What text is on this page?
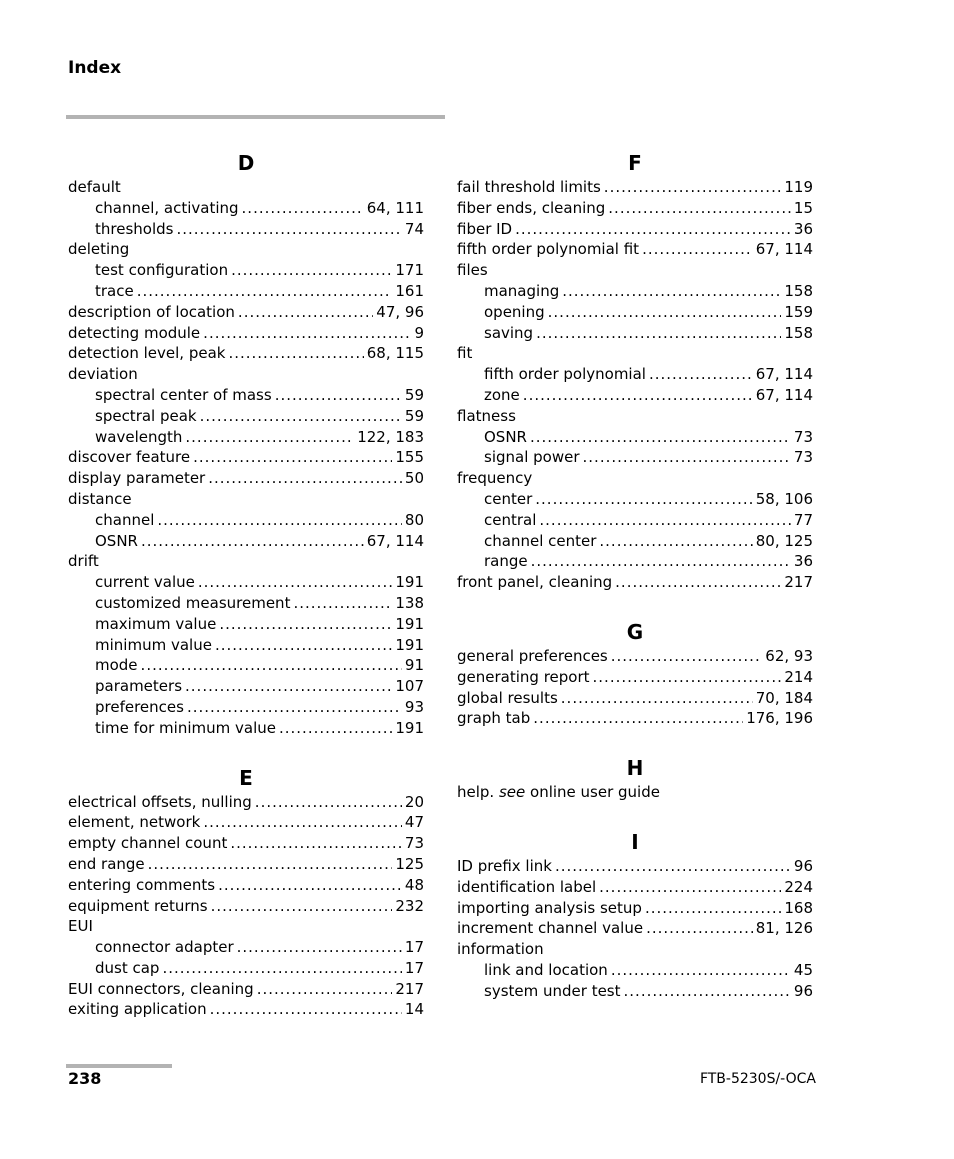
Index
D
default
channel, activating .....	64, 111
thresholds .....	74
deleting
test configuration .....	171
trace .....	161
description of location .....	47, 96
detecting module .....	9
detection level, peak .....	68, 115
deviation
spectral center of mass .....	59
spectral peak .....	59
wavelength .....	122, 183
discover feature .....	155
display parameter .....	50
distance
channel .....	80
OSNR .....	67, 114
drift
current value .....	191
customized measurement .....	138
maximum value .....	191
minimum value .....	191
mode .....	91
parameters .....	107
preferences .....	93
time for minimum value .....	191
E
electrical offsets, nulling .....	20
element, network .....	47
empty channel count .....	73
end range .....	125
entering comments .....	48
equipment returns .....	232
EUI
connector adapter .....	17
dust cap .....	17
EUI connectors, cleaning .....	217
exiting application .....	14
F
fail threshold limits .....	119
fiber ends, cleaning .....	15
fiber ID .....	36
fifth order polynomial fit .....	67, 114
files
managing .....	158
opening .....	159
saving .....	158
fit
fifth order polynomial .....	67, 114
zone .....	67, 114
flatness
OSNR .....	73
signal power .....	73
frequency
center .....	58, 106
central .....	77
channel center .....	80, 125
range .....	36
front panel, cleaning .....	217
G
general preferences .....	62, 93
generating report .....	214
global results .....	70, 184
graph tab .....	176, 196
H
help. see online user guide
I
ID prefix link .....	96
identification label .....	224
importing analysis setup .....	168
increment channel value .....	81, 126
information
link and location .....	45
system under test .....	96
238	FTB-5230S/-OCA
